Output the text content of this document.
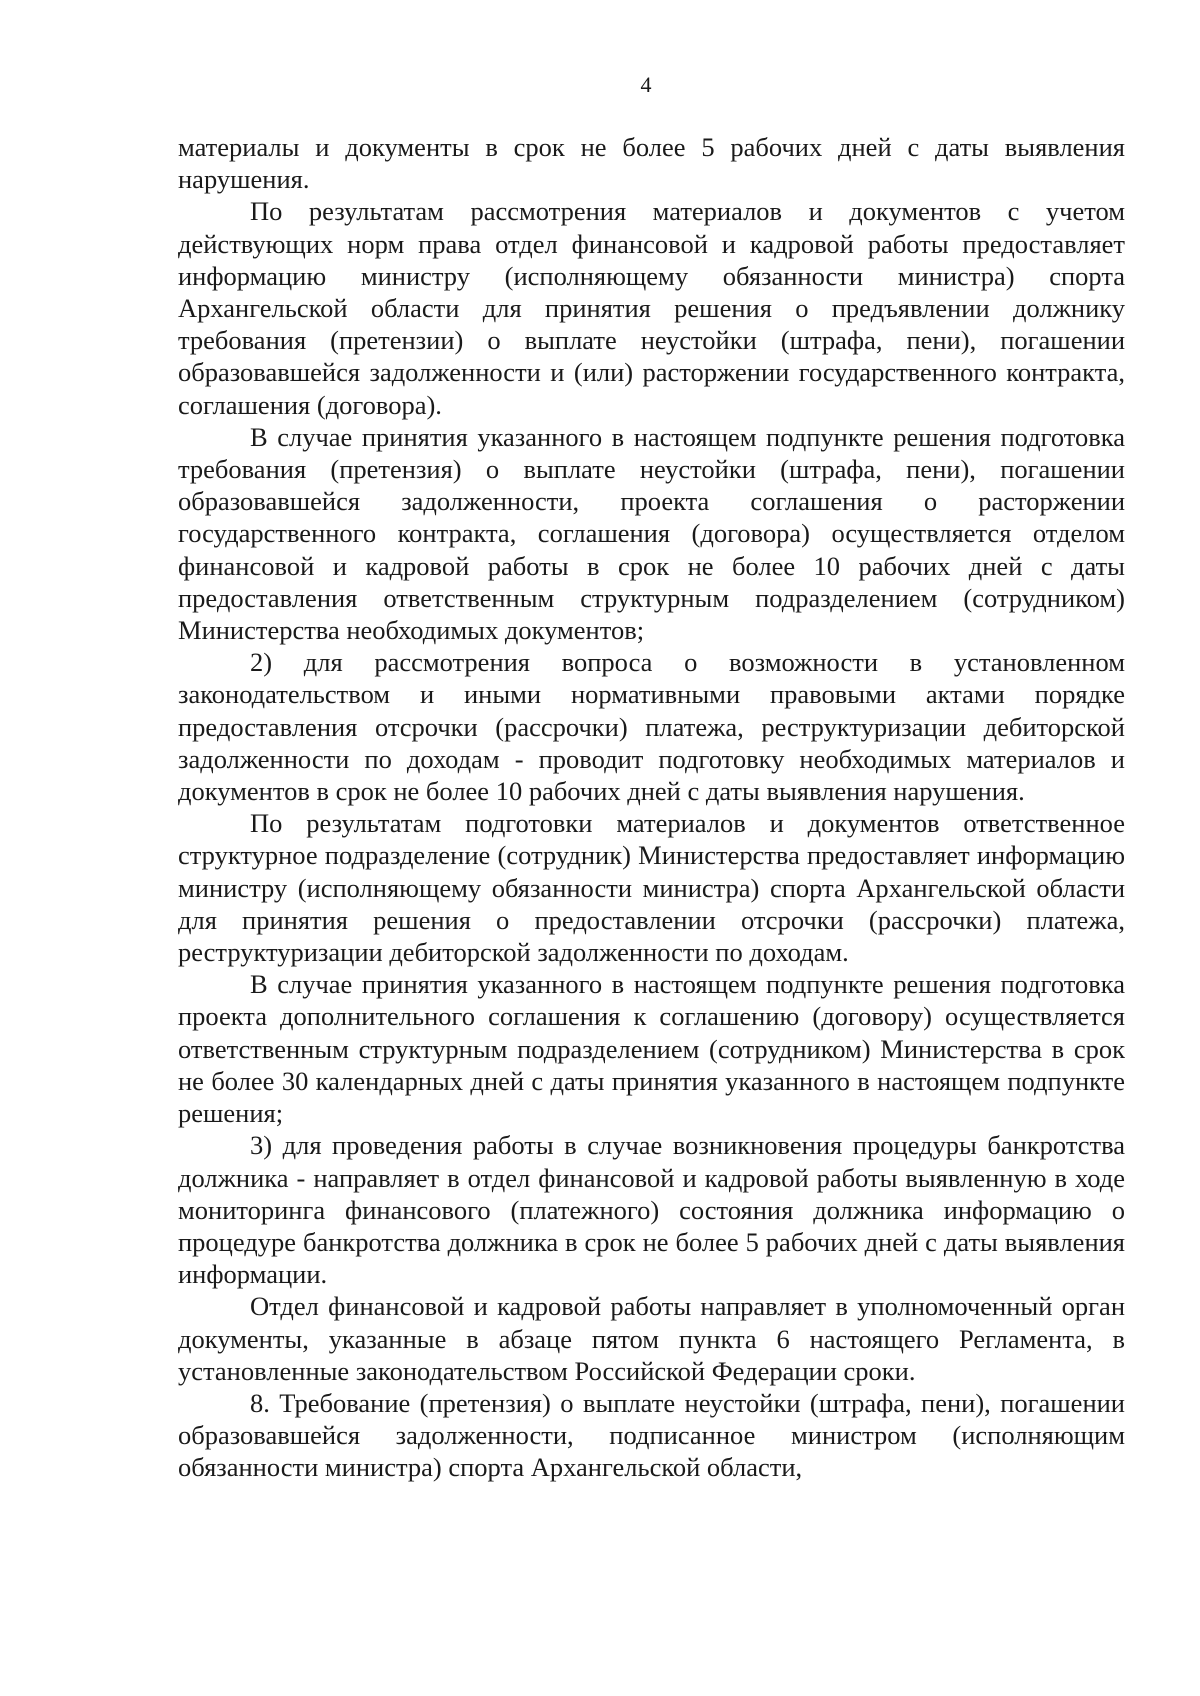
4

материалы и документы в срок не более 5 рабочих дней с даты выявления нарушения.

По результатам рассмотрения материалов и документов с учетом действующих норм права отдел финансовой и кадровой работы предоставляет информацию министру (исполняющему обязанности министра) спорта Архангельской области для принятия решения о предъявлении должнику требования (претензии) о выплате неустойки (штрафа, пени), погашении образовавшейся задолженности и (или) расторжении государственного контракта, соглашения (договора).

В случае принятия указанного в настоящем подпункте решения подготовка требования (претензия) о выплате неустойки (штрафа, пени), погашении образовавшейся задолженности, проекта соглашения о расторжении государственного контракта, соглашения (договора) осуществляется отделом финансовой и кадровой работы в срок не более 10 рабочих дней с даты предоставления ответственным структурным подразделением (сотрудником) Министерства необходимых документов;

2) для рассмотрения вопроса о возможности в установленном законодательством и иными нормативными правовыми актами порядке предоставления отсрочки (рассрочки) платежа, реструктуризации дебиторской задолженности по доходам - проводит подготовку необходимых материалов и документов в срок не более 10 рабочих дней с даты выявления нарушения.

По результатам подготовки материалов и документов ответственное структурное подразделение (сотрудник) Министерства предоставляет информацию министру (исполняющему обязанности министра) спорта Архангельской области для принятия решения о предоставлении отсрочки (рассрочки) платежа, реструктуризации дебиторской задолженности по доходам.

В случае принятия указанного в настоящем подпункте решения подготовка проекта дополнительного соглашения к соглашению (договору) осуществляется ответственным структурным подразделением (сотрудником) Министерства в срок не более 30 календарных дней с даты принятия указанного в настоящем подпункте решения;

3) для проведения работы в случае возникновения процедуры банкротства должника - направляет в отдел финансовой и кадровой работы выявленную в ходе мониторинга финансового (платежного) состояния должника информацию о процедуре банкротства должника в срок не более 5 рабочих дней с даты выявления информации.

Отдел финансовой и кадровой работы направляет в уполномоченный орган документы, указанные в абзаце пятом пункта 6 настоящего Регламента, в установленные законодательством Российской Федерации сроки.

8. Требование (претензия) о выплате неустойки (штрафа, пени), погашении образовавшейся задолженности, подписанное министром (исполняющим обязанности министра) спорта Архангельской области,
